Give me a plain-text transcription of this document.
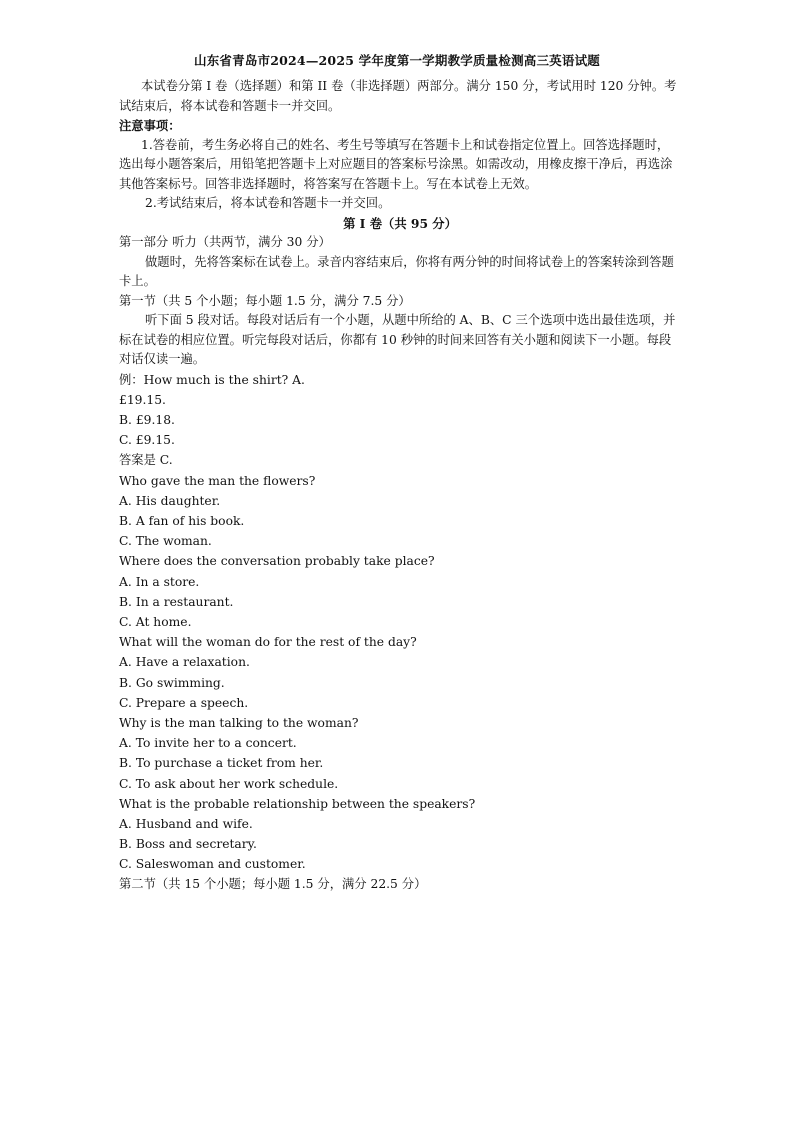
山东省青岛市2024—2025 学年度第一学期教学质量检测高三英语试题

本试卷分第 I 卷（选择题）和第 II 卷（非选择题）两部分。满分 150 分，考试用时 120 分钟。考试结束后，将本试卷和答题卡一并交回。

注意事项：

1.答卷前，考生务必将自己的姓名、考生号等填写在答题卡上和试卷指定位置上。回答选择题时，选出每小题答案后，用铅笔把答题卡上对应题目的答案标号涂黑。如需改动，用橡皮擦干净后，再选涂其他答案标号。回答非选择题时，将答案写在答题卡上。写在本试卷上无效。

2.考试结束后，将本试卷和答题卡一并交回。

第 I 卷（共 95 分）

第一部分 听力（共两节，满分 30 分）

做题时，先将答案标在试卷上。录音内容结束后，你将有两分钟的时间将试卷上的答案转涂到答题卡上。

第一节（共 5 个小题；每小题 1.5 分，满分 7.5 分）

听下面 5 段对话。每段对话后有一个小题，从题中所给的 A、B、C 三个选项中选出最佳选项，并标在试卷的相应位置。听完每段对话后，你都有 10 秒钟的时间来回答有关小题和阅读下一小题。每段对话仅读一遍。

例：How much is the shirt? A.

£19.15.

B. £9.18.

C. £9.15.

答案是 C.

Who gave the man the flowers?

A. His daughter.

B. A fan of his book.

C. The woman.

Where does the conversation probably take place?

A. In a store.

B. In a restaurant.

C. At home.

What will the woman do for the rest of the day?

A. Have a relaxation.

B. Go swimming.

C. Prepare a speech.

Why is the man talking to the woman?

A. To invite her to a concert.

B. To purchase a ticket from her.

C. To ask about her work schedule.

What is the probable relationship between the speakers?

A. Husband and wife.

B. Boss and secretary.

C. Saleswoman and customer.

第二节（共 15 个小题；每小题 1.5 分，满分 22.5 分）
